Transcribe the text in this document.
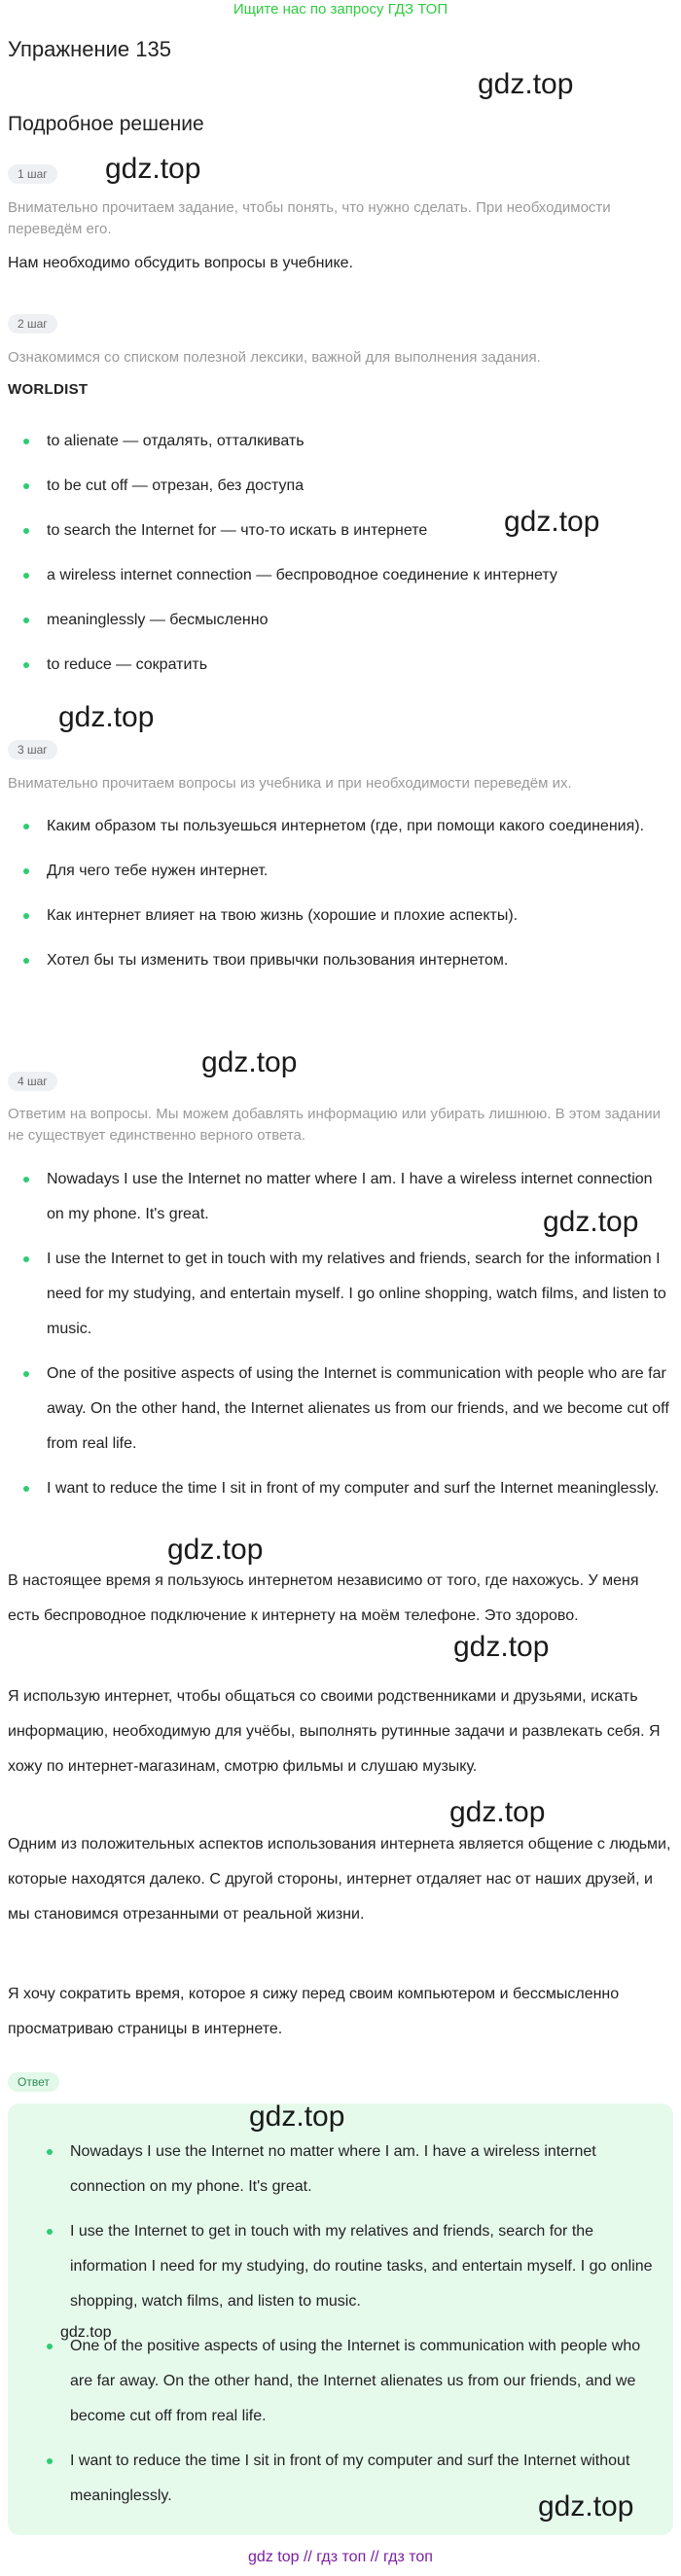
Ищите нас по запросу ГДЗ ТОП
Упражнение 135
gdz.top
Подробное решение
1 шаг	gdz.top
Внимательно прочитаем задание, чтобы понять, что нужно сделать. При необходимости переведём его.
Нам необходимо обсудить вопросы в учебнике.
2 шаг
Ознакомимся со списком полезной лексики, важной для выполнения задания.
WORLDIST
to alienate — отдалять, отталкивать
to be cut off — отрезан, без доступа
to search the Internet for — что-то искать в интернете
a wireless internet connection — беспроводное соединение к интернету
meaninglessly — бесмысленно
to reduce — сократить
gdz.top
gdz.top
3 шаг
Внимательно прочитаем вопросы из учебника и при необходимости переведём их.
Каким образом ты пользуешься интернетом (где, при помощи какого соединения).
Для чего тебе нужен интернет.
Как интернет влияет на твою жизнь (хорошие и плохие аспекты).
Хотел бы ты изменить твои привычки пользования интернетом.
gdz.top
4 шаг
Ответим на вопросы. Мы можем добавлять информацию или убирать лишнюю. В этом задании не существует единственно верного ответа.
Nowadays I use the Internet no matter where I am. I have a wireless internet connection on my phone. It's great.
I use the Internet to get in touch with my relatives and friends, search for the information I need for my studying, and entertain myself. I go online shopping, watch films, and listen to music.
One of the positive aspects of using the Internet is communication with people who are far away. On the other hand, the Internet alienates us from our friends, and we become cut off from real life.
I want to reduce the time I sit in front of my computer and surf the Internet meaninglessly.
gdz.top
gdz.top
В настоящее время я пользуюсь интернетом независимо от того, где нахожусь. У меня есть беспроводное подключение к интернету на моём телефоне. Это здорово.
gdz.top
Я использую интернет, чтобы общаться со своими родственниками и друзьями, искать информацию, необходимую для учёбы, выполнять рутинные задачи и развлекать себя. Я хожу по интернет-магазинам, смотрю фильмы и слушаю музыку.
gdz.top
Одним из положительных аспектов использования интернета является общение с людьми, которые находятся далеко. С другой стороны, интернет отдаляет нас от наших друзей, и мы становимся отрезанными от реальной жизни.
Я хочу сократить время, которое я сижу перед своим компьютером и бессмысленно просматриваю страницы в интернете.
Ответ
gdz.top
Nowadays I use the Internet no matter where I am. I have a wireless internet connection on my phone. It's great.
I use the Internet to get in touch with my relatives and friends, search for the information I need for my studying, do routine tasks, and entertain myself. I go online shopping, watch films, and listen to music.
One of the positive aspects of using the Internet is communication with people who are far away. On the other hand, the Internet alienates us from our friends, and we become cut off from real life.
I want to reduce the time I sit in front of my computer and surf the Internet without meaninglessly.
gdz.top
gdz.top
gdz top // гдз топ // гдз топ
